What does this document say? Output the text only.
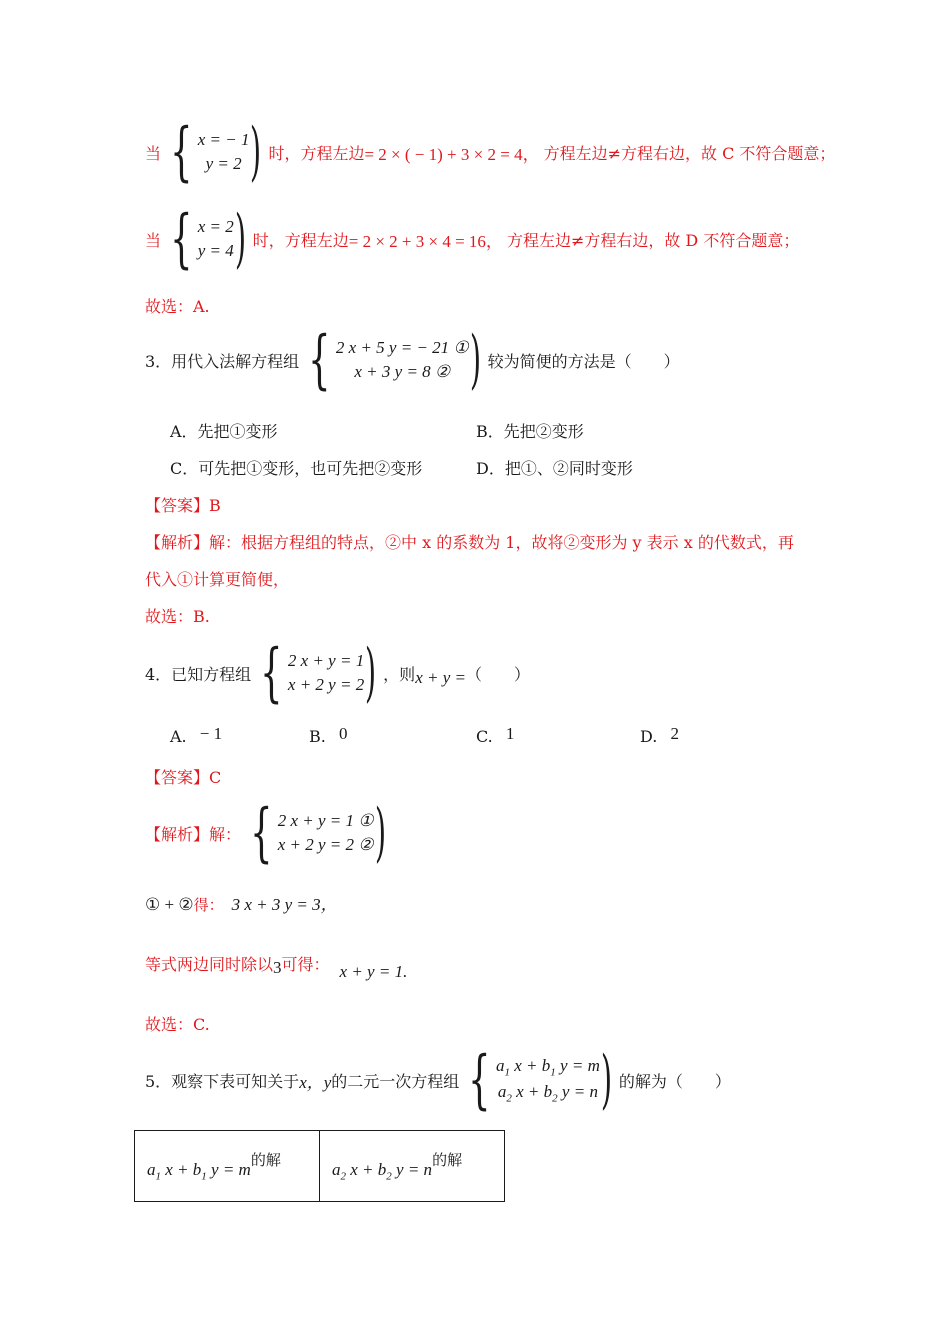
当 { x = − 1
y = 2 ) 时，方程左边 = 2 × ( − 1) + 3 × 2 = 4， 方程左边≠方程右边，故 C 不符合题意；
当 { x = 2
y = 4 ) 时，方程左边 = 2 × 2 + 3 × 4 = 16， 方程左边≠方程右边，故 D 不符合题意；
故选：A.
3．用代入法解方程组 { 2 x + 5 y = − 21 ①
x + 3 y = 8 ② ) 较为简便的方法是（　　）
A．先把①变形	B．先把②变形
C．可先把①变形，也可先把②变形	D．把①、②同时变形
【答案】B
【解析】解：根据方程组的特点，②中 x 的系数为 1，故将②变形为 y 表示 x 的代数式，再
代入①计算更简便，
故选：B.
4．已知方程组 { 2 x + y = 1
x + 2 y = 2 ) ，则 x + y = （　　）
A. − 1	B. 0	C. 1	D. 2
【答案】C
【解析】解： { 2 x + y = 1 ①
x + 2 y = 2 ② )
① + ② 得： 3 x + 3 y = 3，
等式两边同时除以 3 可得： x + y = 1.
故选：C.
5．观察下表可知关于 x，y 的二元一次方程组 { $a_1$ $x + b_1$ y = m
$a_2$ $x + b_2$ y = n ) 的解为（　　）
$a_1$ $x + b_1$ $y = m^{的解}$	$a_2$ $x + b_2$ $y = n^{的解}$
